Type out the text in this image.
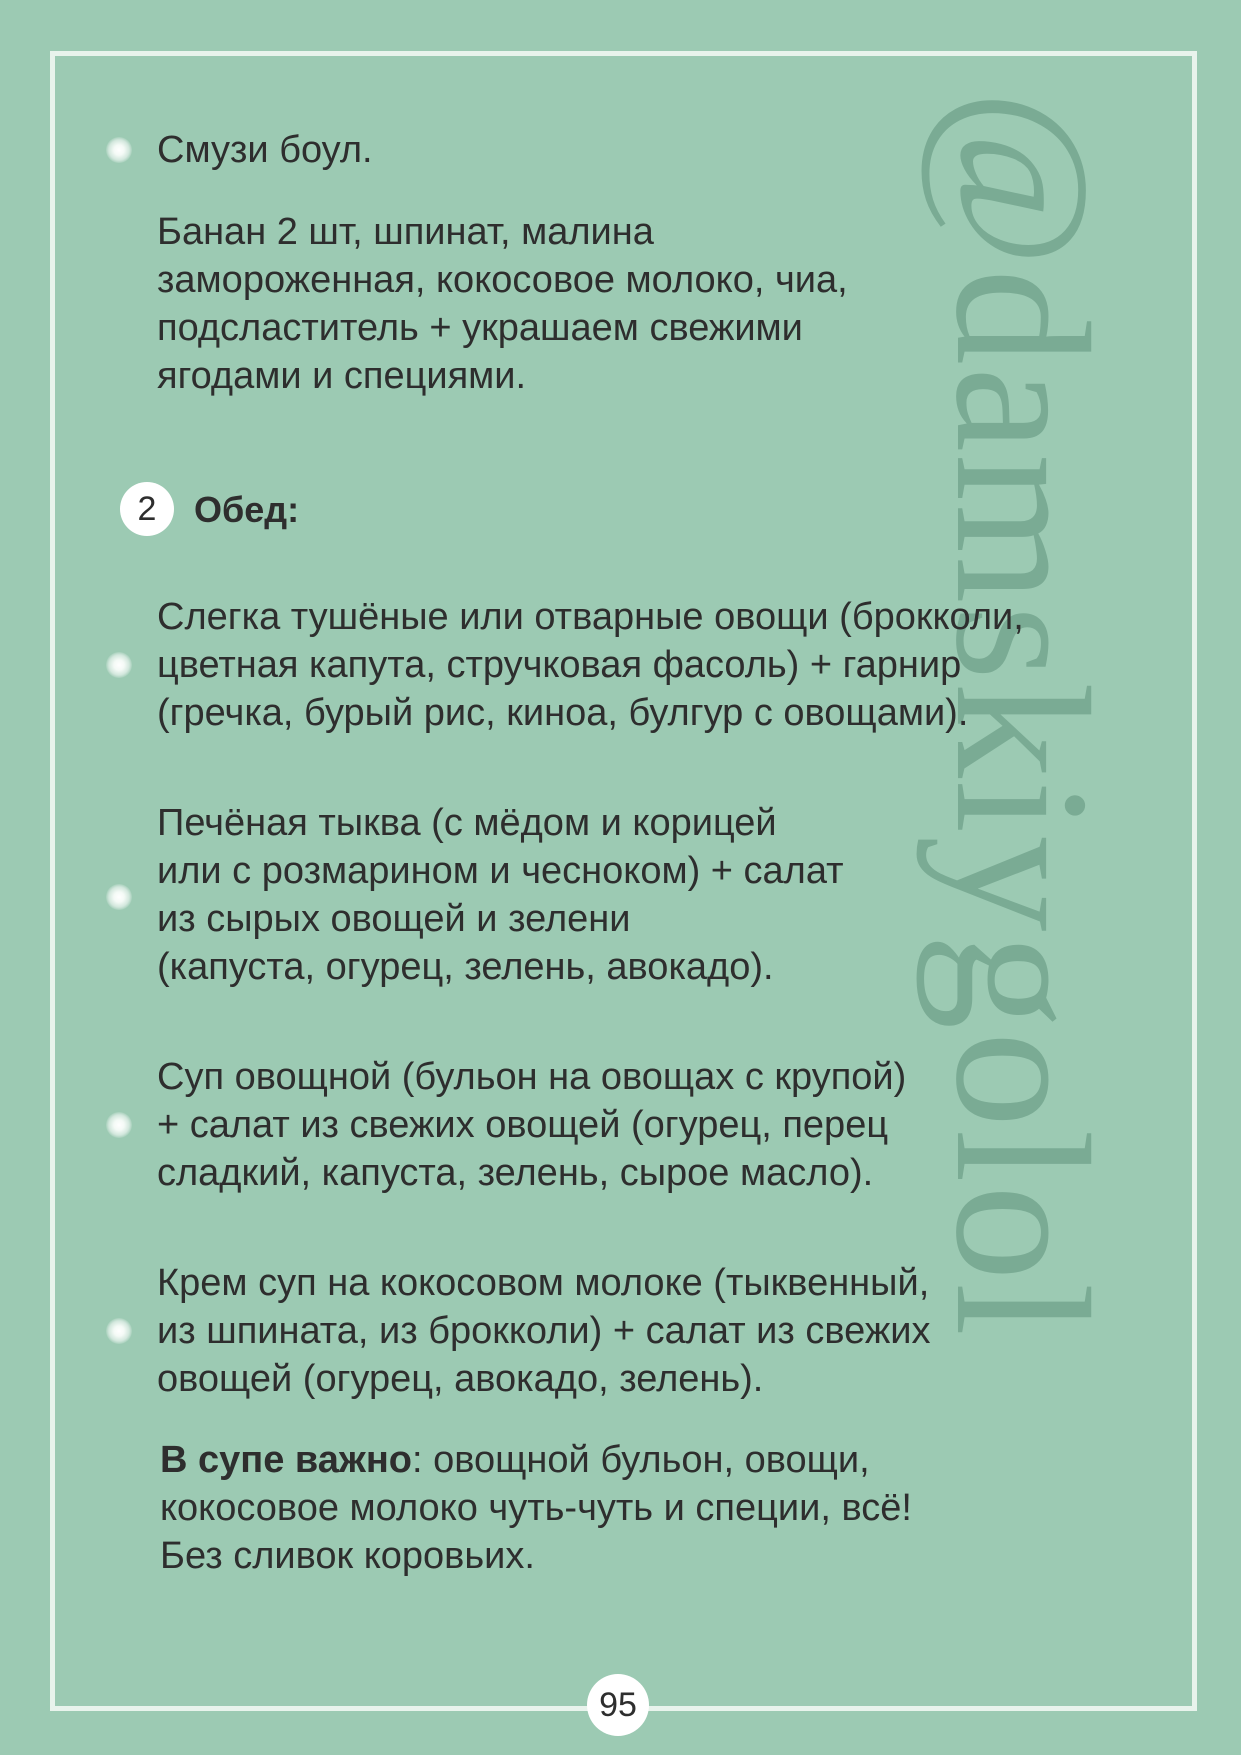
@damskiygolol
Смузи боул.
Банан 2 шт, шпинат, малина
замороженная, кокосовое молоко, чиа,
подсластитель + украшаем свежими
ягодами и специями.
2	Обед:
Слегка тушёные или отварные овощи (брокколи,
цветная капута, стручковая фасоль) + гарнир
(гречка, бурый рис, киноа, булгур с овощами).
Печёная тыква (с мёдом и корицей
или с розмарином и чесноком) + салат
из сырых овощей и зелени
(капуста, огурец, зелень, авокадо).
Суп овощной (бульон на овощах с крупой)
+ салат из свежих овощей (огурец, перец
сладкий, капуста, зелень, сырое масло).
Крем суп на кокосовом молоке (тыквенный,
из шпината, из брокколи) + салат из свежих
овощей (огурец, авокадо, зелень).
В супе важно: овощной бульон, овощи,
кокосовое молоко чуть-чуть и специи, всё!
Без сливок коровьих.
95
